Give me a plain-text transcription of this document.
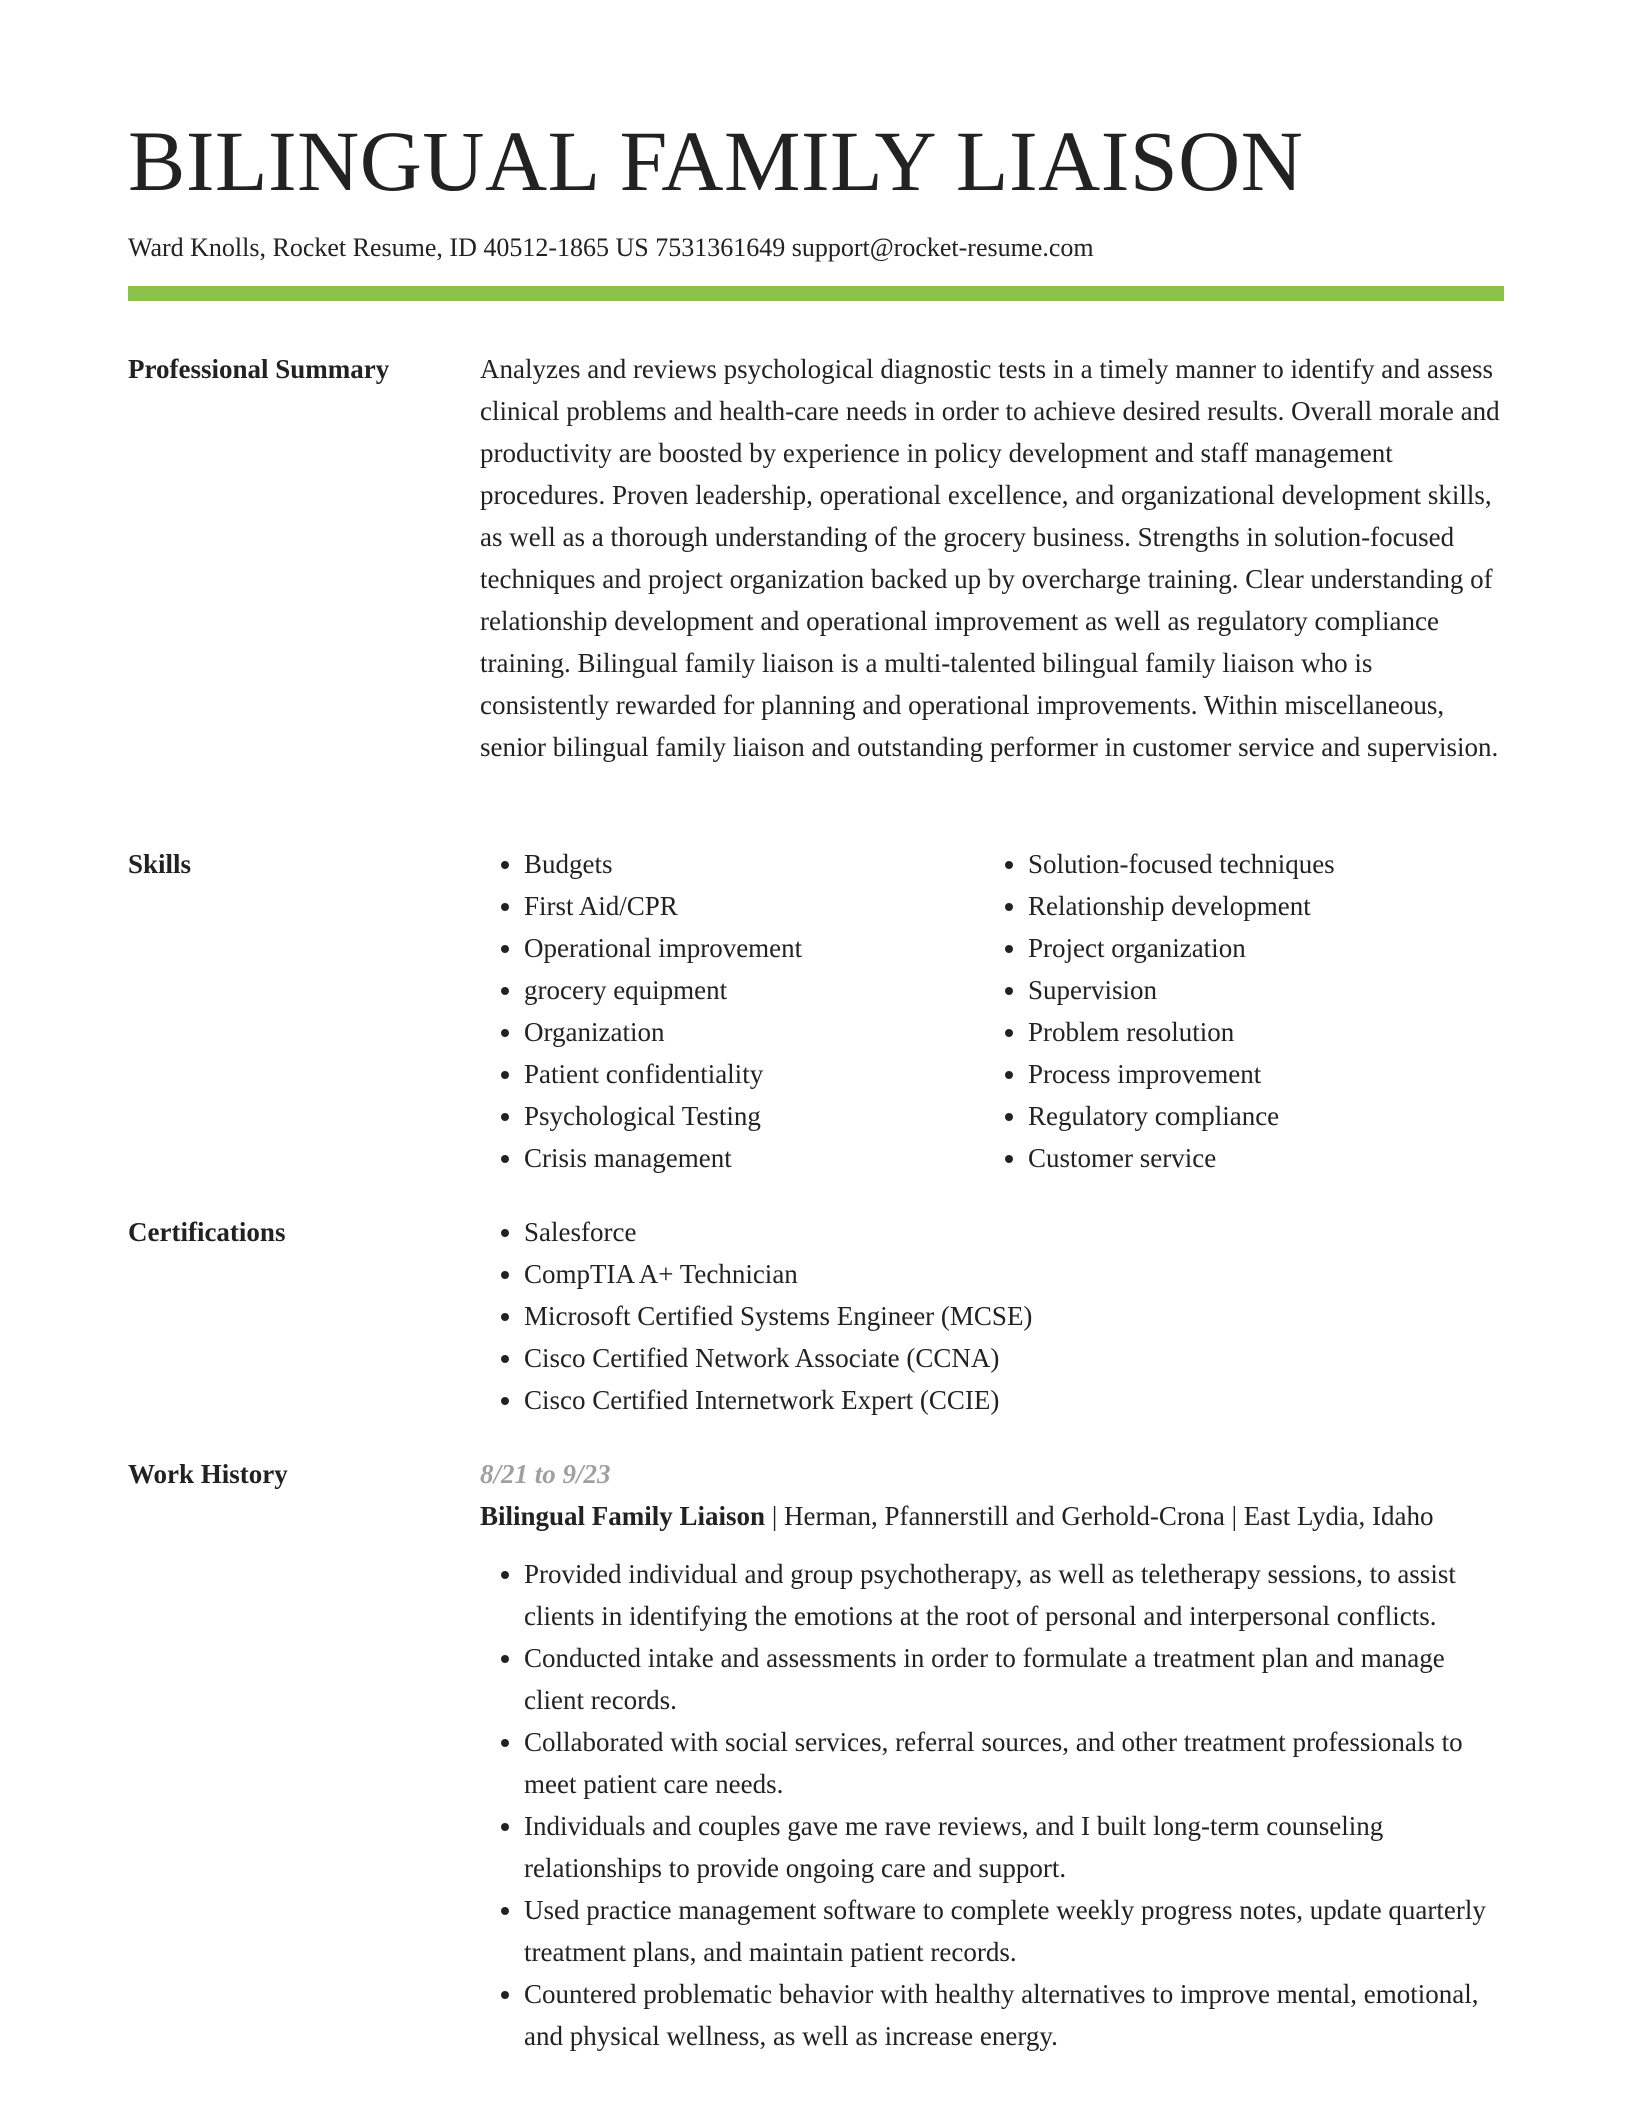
BILINGUAL FAMILY LIAISON
Ward Knolls, Rocket Resume, ID 40512-1865 US 7531361649 support@rocket-resume.com
Professional Summary	Analyzes and reviews psychological diagnostic tests in a timely manner to identify and assess clinical problems and health-care needs in order to achieve desired results. Overall morale and productivity are boosted by experience in policy development and staff management procedures. Proven leadership, operational excellence, and organizational development skills, as well as a thorough understanding of the grocery business. Strengths in solution-focused techniques and project organization backed up by overcharge training. Clear understanding of relationship development and operational improvement as well as regulatory compliance training. Bilingual family liaison is a multi-talented bilingual family liaison who is consistently rewarded for planning and operational improvements. Within miscellaneous, senior bilingual family liaison and outstanding performer in customer service and supervision.

Skills	• Budgets
• First Aid/CPR
• Operational improvement
• grocery equipment
• Organization
• Patient confidentiality
• Psychological Testing
• Crisis management
• Solution-focused techniques
• Relationship development
• Project organization
• Supervision
• Problem resolution
• Process improvement
• Regulatory compliance
• Customer service
Certifications	• Salesforce
• CompTIA A+ Technician
• Microsoft Certified Systems Engineer (MCSE)
• Cisco Certified Network Associate (CCNA)
• Cisco Certified Internetwork Expert (CCIE)
Work History	8/21 to 9/23
Bilingual Family Liaison | Herman, Pfannerstill and Gerhold-Crona | East Lydia, Idaho
• Provided individual and group psychotherapy, as well as teletherapy sessions, to assist clients in identifying the emotions at the root of personal and interpersonal conflicts.
• Conducted intake and assessments in order to formulate a treatment plan and manage client records.
• Collaborated with social services, referral sources, and other treatment professionals to meet patient care needs.
• Individuals and couples gave me rave reviews, and I built long-term counseling relationships to provide ongoing care and support.
• Used practice management software to complete weekly progress notes, update quarterly treatment plans, and maintain patient records.
• Countered problematic behavior with healthy alternatives to improve mental, emotional, and physical wellness, as well as increase energy.
